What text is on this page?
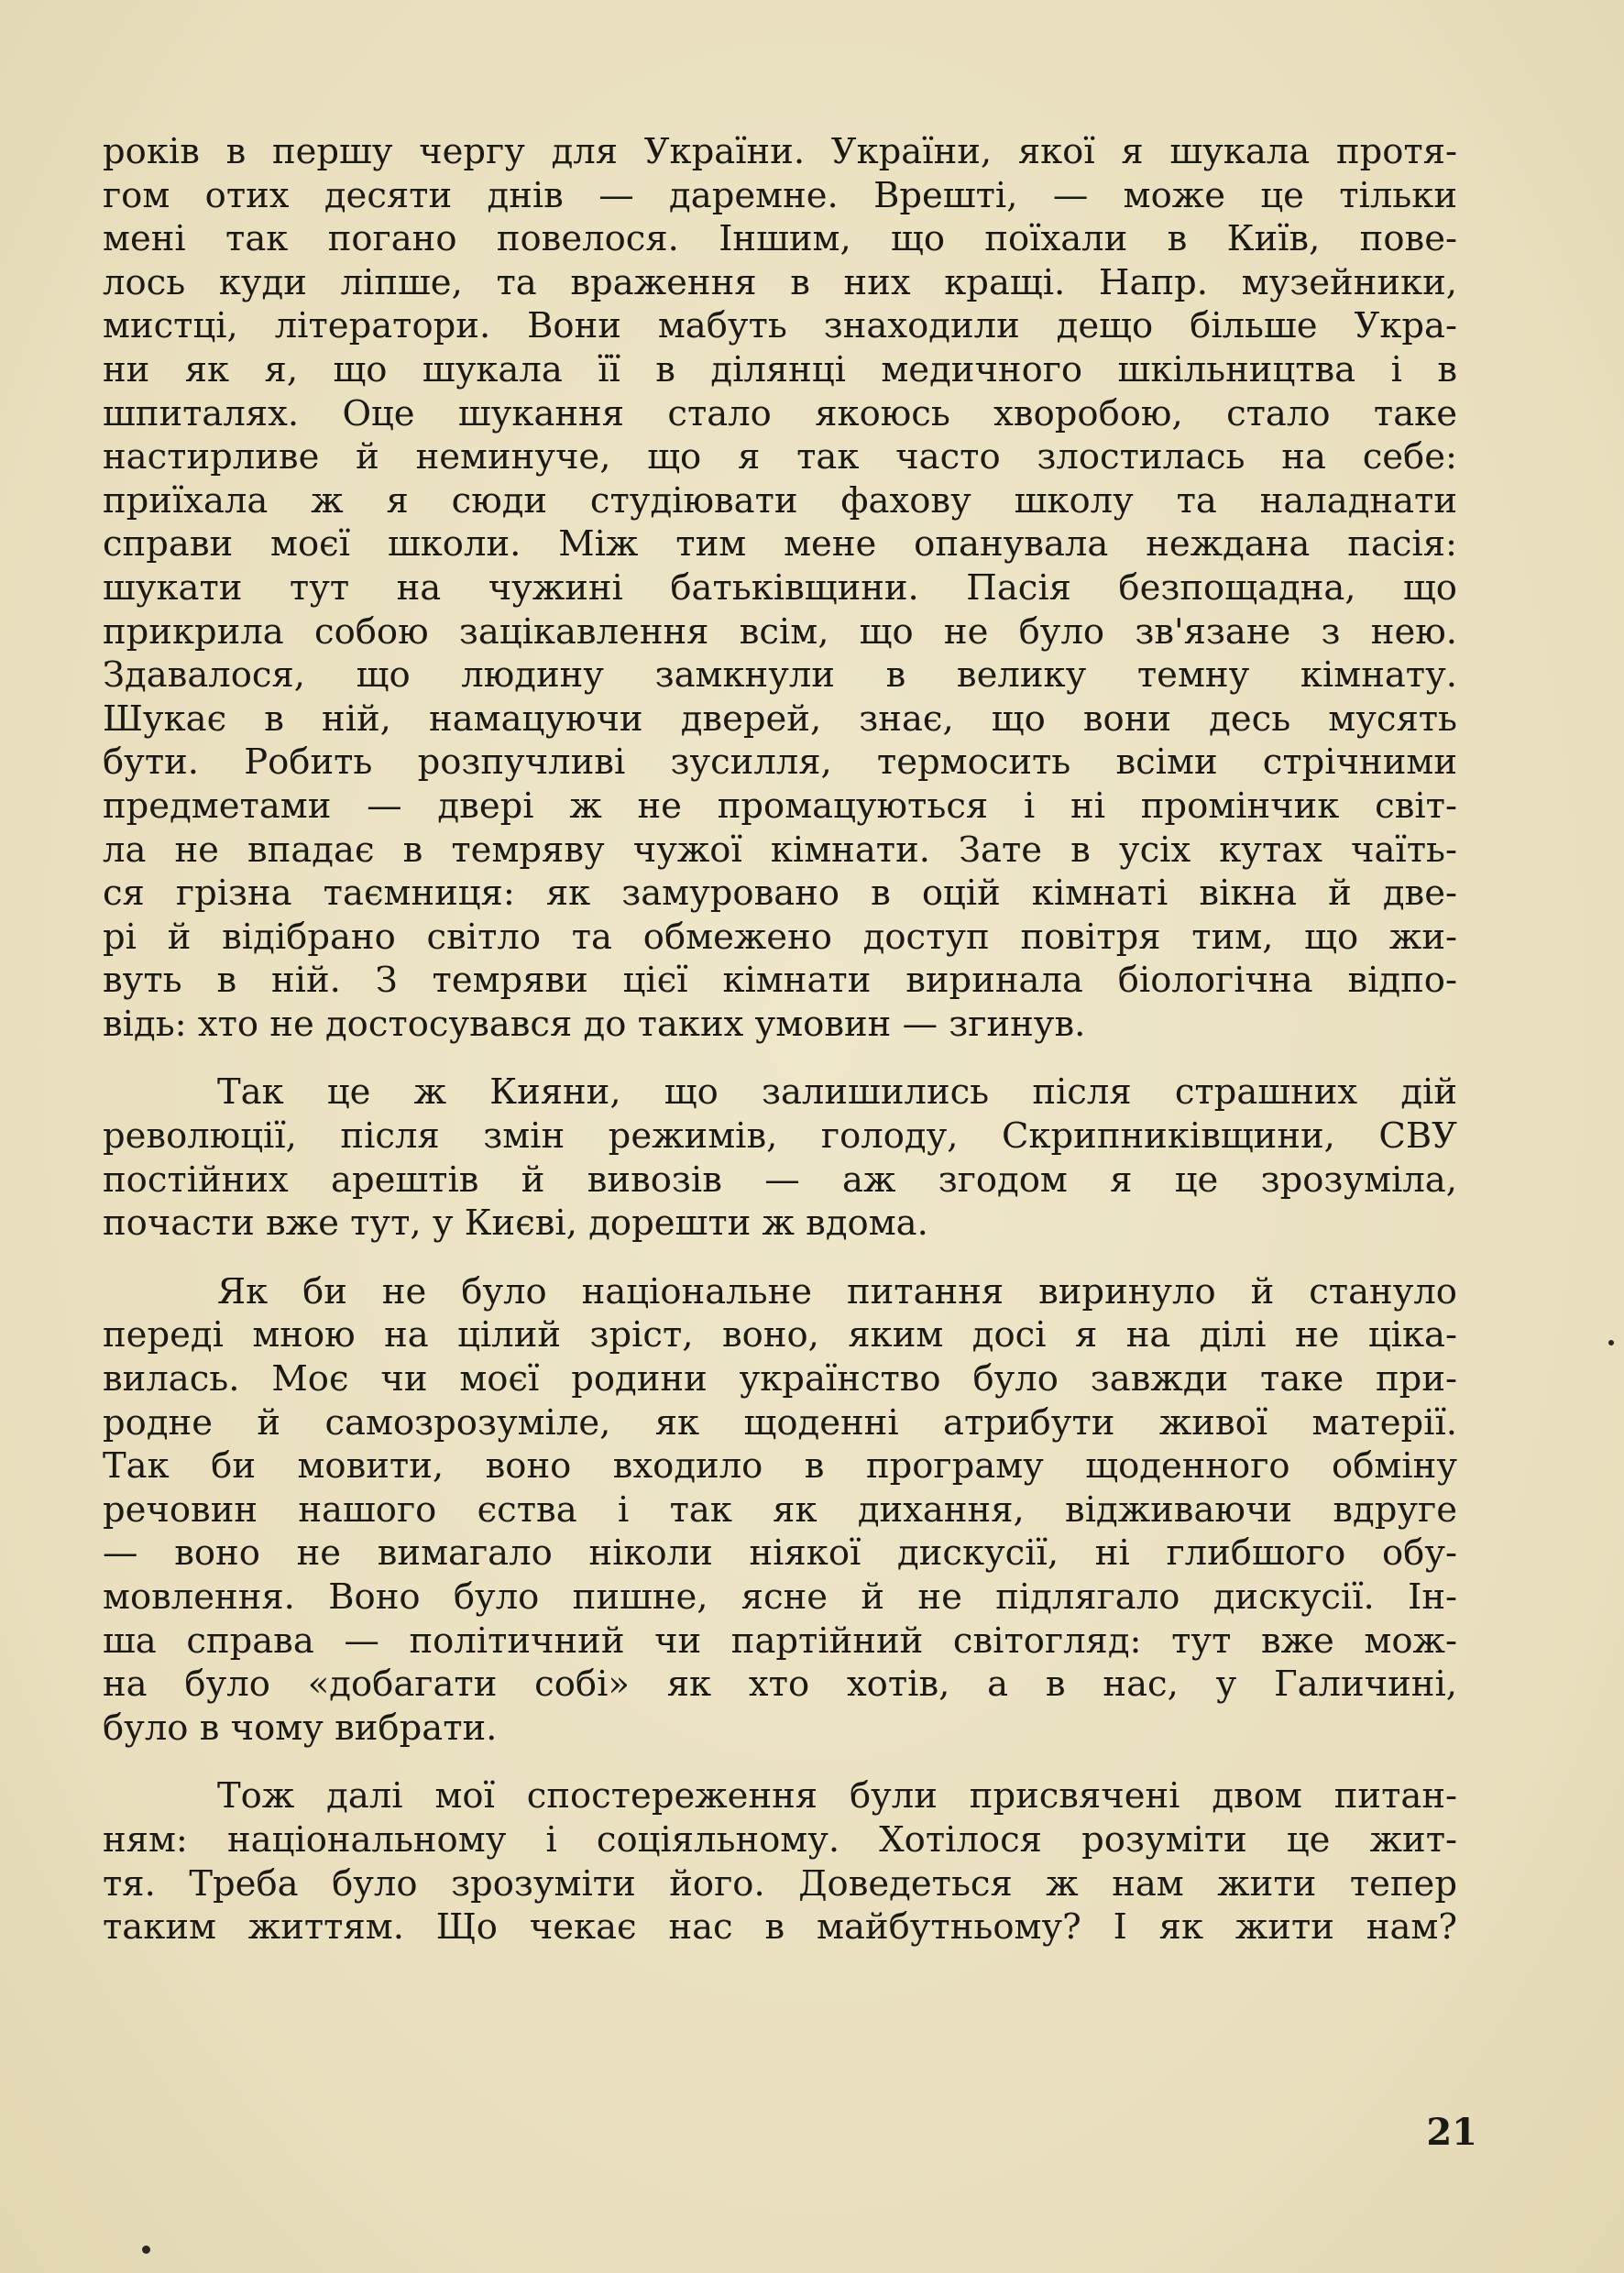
років в першу чергу для України. України, якої я шукала протя-
гом отих десяти днів — даремне. Врешті, — може це тільки
мені так погано повелося. Іншим, що поїхали в Київ, пове-
лось куди ліпше, та враження в них кращі. Напр. музейники,
мистці, літератори. Вони мабуть знаходили дещо більше Укра-
ни як я, що шукала її в ділянці медичного шкільництва і в
шпиталях. Оце шукання стало якоюсь хворобою, стало таке
настирливе й неминуче, що я так часто злостилась на себе:
приїхала ж я сюди студіювати фахову школу та наладнати
справи моєї школи. Між тим мене опанувала неждана пасія:
шукати тут на чужині батьківщини. Пасія безпощадна, що
прикрила собою зацікавлення всім, що не було зв'язане з нею.
Здавалося, що людину замкнули в велику темну кімнату.
Шукає в ній, намацуючи дверей, знає, що вони десь мусять
бути. Робить розпучливі зусилля, термосить всіми стрічними
предметами — двері ж не промацуються і ні промінчик світ-
ла не впадає в темряву чужої кімнати. Зате в усіх кутах чаїть-
ся грізна таємниця: як замуровано в оцій кімнаті вікна й две-
рі й відібрано світло та обмежено доступ повітря тим, що жи-
вуть в ній. З темряви цієї кімнати виринала біологічна відпо-
відь: хто не достосувався до таких умовин — згинув.
Так це ж Кияни, що залишились після страшних дій
революції, після змін режимів, голоду, Скрипниківщини, СВУ
постійних арештів й вивозів — аж згодом я це зрозуміла,
почасти вже тут, у Києві, дорешти ж вдома.
Як би не було національне питання виринуло й стануло
переді мною на цілий зріст, воно, яким досі я на ділі не ціка-
вилась. Моє чи моєї родини українство було завжди таке при-
родне й самозрозуміле, як щоденні атрибути живої матерії.
Так би мовити, воно входило в програму щоденного обміну
речовин нашого єства і так як дихання, відживаючи вдруге
— воно не вимагало ніколи ніякої дискусії, ні глибшого обу-
мовлення. Воно було пишне, ясне й не підлягало дискусії. Ін-
ша справа — політичний чи партійний світогляд: тут вже мож-
на було «добагати собі» як хто хотів, а в нас, у Галичині,
було в чому вибрати.
Тож далі мої спостереження були присвячені двом питан-
ням: національному і соціяльному. Хотілося розуміти це жит-
тя. Треба було зрозуміти його. Доведеться ж нам жити тепер
таким життям. Що чекає нас в майбутньому? І як жити нам?
21
